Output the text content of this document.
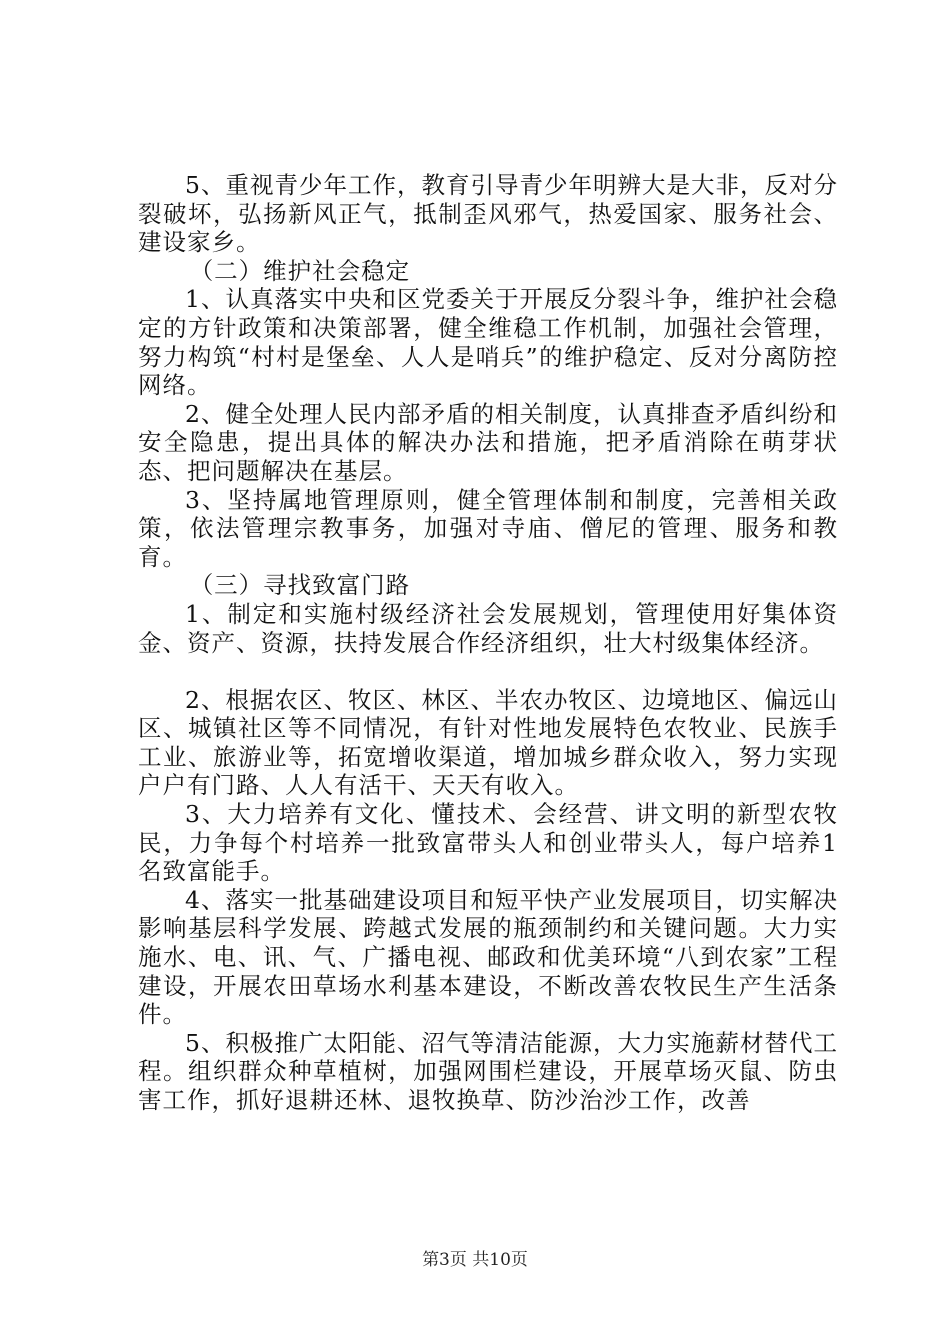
5、重视青少年工作，教育引导青少年明辨大是大非，反对分裂破坏，弘扬新风正气，抵制歪风邪气，热爱国家、服务社会、建设家乡。

（二）维护社会稳定

1、认真落实中央和区党委关于开展反分裂斗争，维护社会稳定的方针政策和决策部署，健全维稳工作机制，加强社会管理，努力构筑“村村是堡垒、人人是哨兵”的维护稳定、反对分离防控网络。

2、健全处理人民内部矛盾的相关制度，认真排查矛盾纠纷和安全隐患，提出具体的解决办法和措施，把矛盾消除在萌芽状态、把问题解决在基层。

3、坚持属地管理原则，健全管理体制和制度，完善相关政策，依法管理宗教事务，加强对寺庙、僧尼的管理、服务和教育。

（三）寻找致富门路

1、制定和实施村级经济社会发展规划，管理使用好集体资金、资产、资源，扶持发展合作经济组织，壮大村级集体经济。

2、根据农区、牧区、林区、半农办牧区、边境地区、偏远山区、城镇社区等不同情况，有针对性地发展特色农牧业、民族手工业、旅游业等，拓宽增收渠道，增加城乡群众收入，努力实现户户有门路、人人有活干、天天有收入。

3、大力培养有文化、懂技术、会经营、讲文明的新型农牧民，力争每个村培养一批致富带头人和创业带头人，每户培养1名致富能手。

4、落实一批基础建设项目和短平快产业发展项目，切实解决影响基层科学发展、跨越式发展的瓶颈制约和关键问题。大力实施水、电、讯、气、广播电视、邮政和优美环境“八到农家”工程建设，开展农田草场水利基本建设，不断改善农牧民生产生活条件。

5、积极推广太阳能、沼气等清洁能源，大力实施薪材替代工程。组织群众种草植树，加强网围栏建设，开展草场灭鼠、防虫害工作，抓好退耕还林、退牧换草、防沙治沙工作，改善

第3页 共10页
